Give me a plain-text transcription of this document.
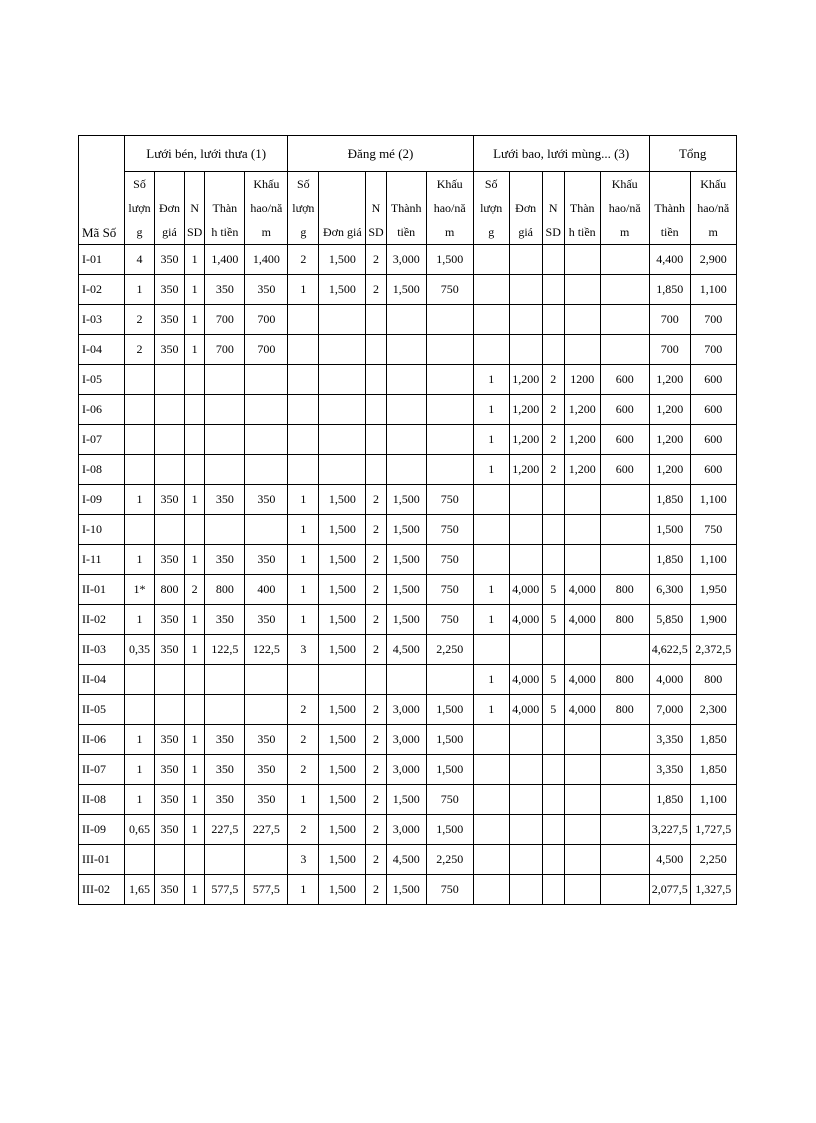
Mã Số	Lưới bén, lưới thưa (1)					Đăng mé (2)					Lưới bao, lưới mùng... (3)					Tổng	
	Số				Khấu	Số				Khấu	Số				Khấu		Khấu
	lượn	Đơn	N	Thàn	hao/nă	lượn		N	Thành	hao/nă	lượn	Đơn	N	Thàn	hao/nă	Thành	hao/nă
	g	giá	SD	h tiền	m	g	Đơn giá	SD	tiền	m	g	giá	SD	h tiền	m	tiền	m
I-01	4	350	1	1,400	1,400	2	1,500	2	3,000	1,500						4,400	2,900
I-02	1	350	1	350	350	1	1,500	2	1,500	750						1,850	1,100
I-03	2	350	1	700	700											700	700
I-04	2	350	1	700	700											700	700
I-05											1	1,200	2	1200	600	1,200	600
I-06											1	1,200	2	1,200	600	1,200	600
I-07											1	1,200	2	1,200	600	1,200	600
I-08											1	1,200	2	1,200	600	1,200	600
I-09	1	350	1	350	350	1	1,500	2	1,500	750						1,850	1,100
I-10						1	1,500	2	1,500	750						1,500	750
I-11	1	350	1	350	350	1	1,500	2	1,500	750						1,850	1,100
II-01	1*	800	2	800	400	1	1,500	2	1,500	750	1	4,000	5	4,000	800	6,300	1,950
II-02	1	350	1	350	350	1	1,500	2	1,500	750	1	4,000	5	4,000	800	5,850	1,900
II-03	0,35	350	1	122,5	122,5	3	1,500	2	4,500	2,250						4,622,5	2,372,5
II-04											1	4,000	5	4,000	800	4,000	800
II-05						2	1,500	2	3,000	1,500	1	4,000	5	4,000	800	7,000	2,300
II-06	1	350	1	350	350	2	1,500	2	3,000	1,500						3,350	1,850
II-07	1	350	1	350	350	2	1,500	2	3,000	1,500						3,350	1,850
II-08	1	350	1	350	350	1	1,500	2	1,500	750						1,850	1,100
II-09	0,65	350	1	227,5	227,5	2	1,500	2	3,000	1,500						3,227,5	1,727,5
III-01						3	1,500	2	4,500	2,250						4,500	2,250
III-02	1,65	350	1	577,5	577,5	1	1,500	2	1,500	750						2,077,5	1,327,5
